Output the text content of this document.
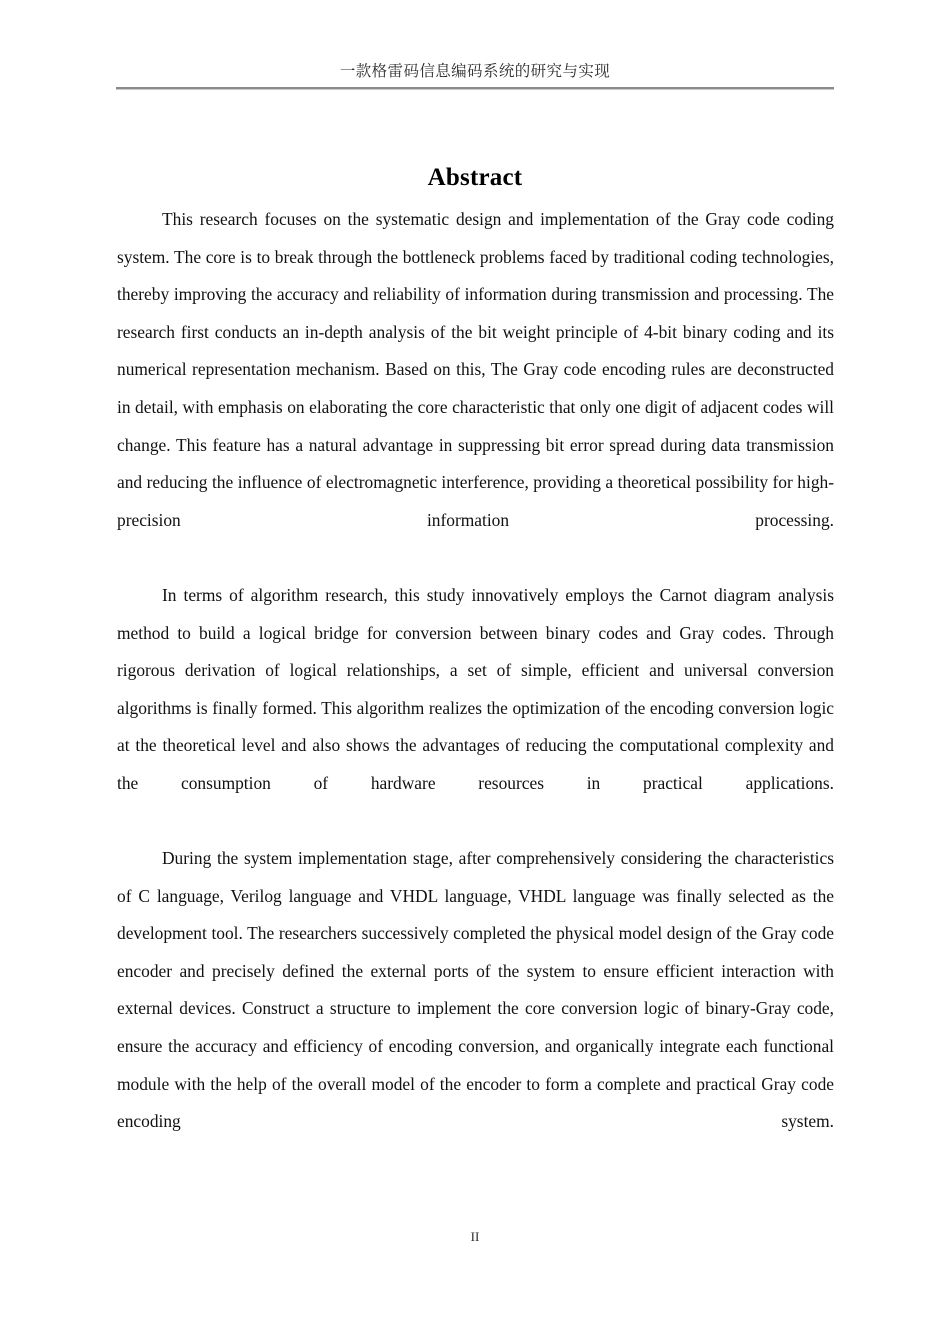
一款格雷码信息编码系统的研究与实现
Abstract

This research focuses on the systematic design and implementation of the Gray code coding system. The core is to break through the bottleneck problems faced by traditional coding technologies, thereby improving the accuracy and reliability of information during transmission and processing. The research first conducts an in-depth analysis of the bit weight principle of 4-bit binary coding and its numerical representation mechanism. Based on this, The Gray code encoding rules are deconstructed in detail, with emphasis on elaborating the core characteristic that only one digit of adjacent codes will change. This feature has a natural advantage in suppressing bit error spread during data transmission and reducing the influence of electromagnetic interference, providing a theoretical possibility for high-precision information processing.

In terms of algorithm research, this study innovatively employs the Carnot diagram analysis method to build a logical bridge for conversion between binary codes and Gray codes. Through rigorous derivation of logical relationships, a set of simple, efficient and universal conversion algorithms is finally formed. This algorithm realizes the optimization of the encoding conversion logic at the theoretical level and also shows the advantages of reducing the computational complexity and the consumption of hardware resources in practical applications.

During the system implementation stage, after comprehensively considering the characteristics of C language, Verilog language and VHDL language, VHDL language was finally selected as the development tool. The researchers successively completed the physical model design of the Gray code encoder and precisely defined the external ports of the system to ensure efficient interaction with external devices. Construct a structure to implement the core conversion logic of binary-Gray code, ensure the accuracy and efficiency of encoding conversion, and organically integrate each functional module with the help of the overall model of the encoder to form a complete and practical Gray code encoding system.

II
